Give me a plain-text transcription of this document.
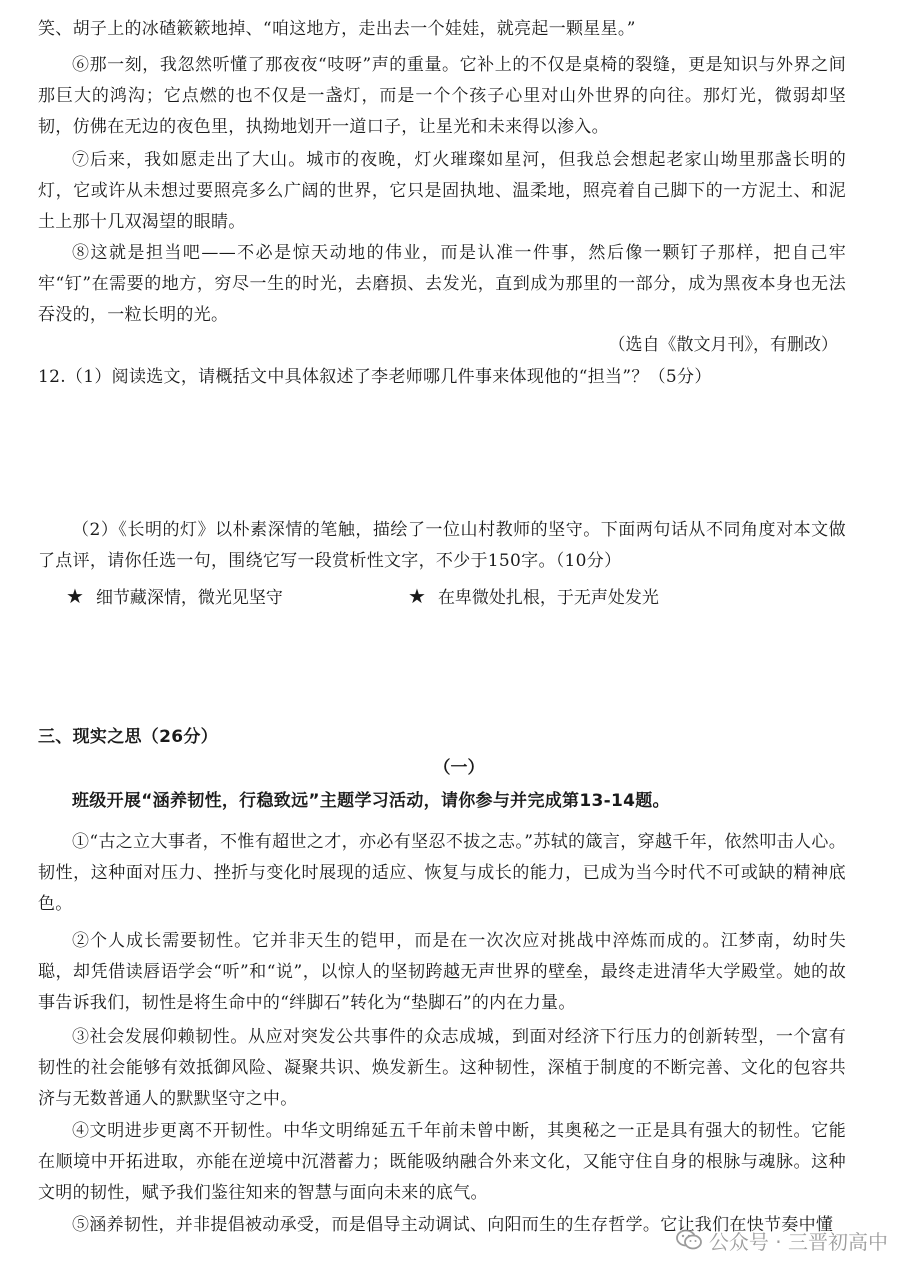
笑、胡子上的冰碴簌簌地掉、“咱这地方，走出去一个娃娃，就亮起一颗星星。”

⑥那一刻，我忽然听懂了那夜夜“吱呀”声的重量。它补上的不仅是桌椅的裂缝，更是知识与外界之间那巨大的鸿沟；它点燃的也不仅是一盏灯，而是一个个孩子心里对山外世界的向往。那灯光，微弱却坚韧，仿佛在无边的夜色里，执拗地划开一道口子，让星光和未来得以渗入。

⑦后来，我如愿走出了大山。城市的夜晚，灯火璀璨如星河，但我总会想起老家山坳里那盏长明的灯，它或许从未想过要照亮多么广阔的世界，它只是固执地、温柔地，照亮着自己脚下的一方泥土、和泥土上那十几双渴望的眼睛。

⑧这就是担当吧——不必是惊天动地的伟业，而是认准一件事，然后像一颗钉子那样，把自己牢牢“钉”在需要的地方，穷尽一生的时光，去磨损、去发光，直到成为那里的一部分，成为黑夜本身也无法吞没的，一粒长明的光。

（选自《散文月刊》，有删改）

12.（1）阅读选文，请概括文中具体叙述了李老师哪几件事来体现他的“担当”？（5分）

（2）《长明的灯》以朴素深情的笔触，描绘了一位山村教师的坚守。下面两句话从不同角度对本文做了点评，请你任选一句，围绕它写一段赏析性文字，不少于150字。（10分）

★ 细节藏深情，微光见坚守	★ 在卑微处扎根，于无声处发光

三、现实之思（26分）

（一）

班级开展“涵养韧性，行稳致远”主题学习活动，请你参与并完成第13-14题。

①“古之立大事者，不惟有超世之才，亦必有坚忍不拔之志。”苏轼的箴言，穿越千年，依然叩击人心。韧性，这种面对压力、挫折与变化时展现的适应、恢复与成长的能力，已成为当今时代不可或缺的精神底色。

②个人成长需要韧性。它并非天生的铠甲，而是在一次次应对挑战中淬炼而成的。江梦南，幼时失聪，却凭借读唇语学会“听”和“说”，以惊人的坚韧跨越无声世界的壁垒，最终走进清华大学殿堂。她的故事告诉我们，韧性是将生命中的“绊脚石”转化为“垫脚石”的内在力量。

③社会发展仰赖韧性。从应对突发公共事件的众志成城，到面对经济下行压力的创新转型，一个富有韧性的社会能够有效抵御风险、凝聚共识、焕发新生。这种韧性，深植于制度的不断完善、文化的包容共济与无数普通人的默默坚守之中。

④文明进步更离不开韧性。中华文明绵延五千年前未曾中断，其奥秘之一正是具有强大的韧性。它能在顺境中开拓进取，亦能在逆境中沉潜蓄力；既能吸纳融合外来文化，又能守住自身的根脉与魂脉。这种文明的韧性，赋予我们鉴往知来的智慧与面向未来的底气。

⑤涵养韧性，并非提倡被动承受，而是倡导主动调试、向阳而生的生存哲学。它让我们在快节奏中懂

公众号 · 三晋初高中
